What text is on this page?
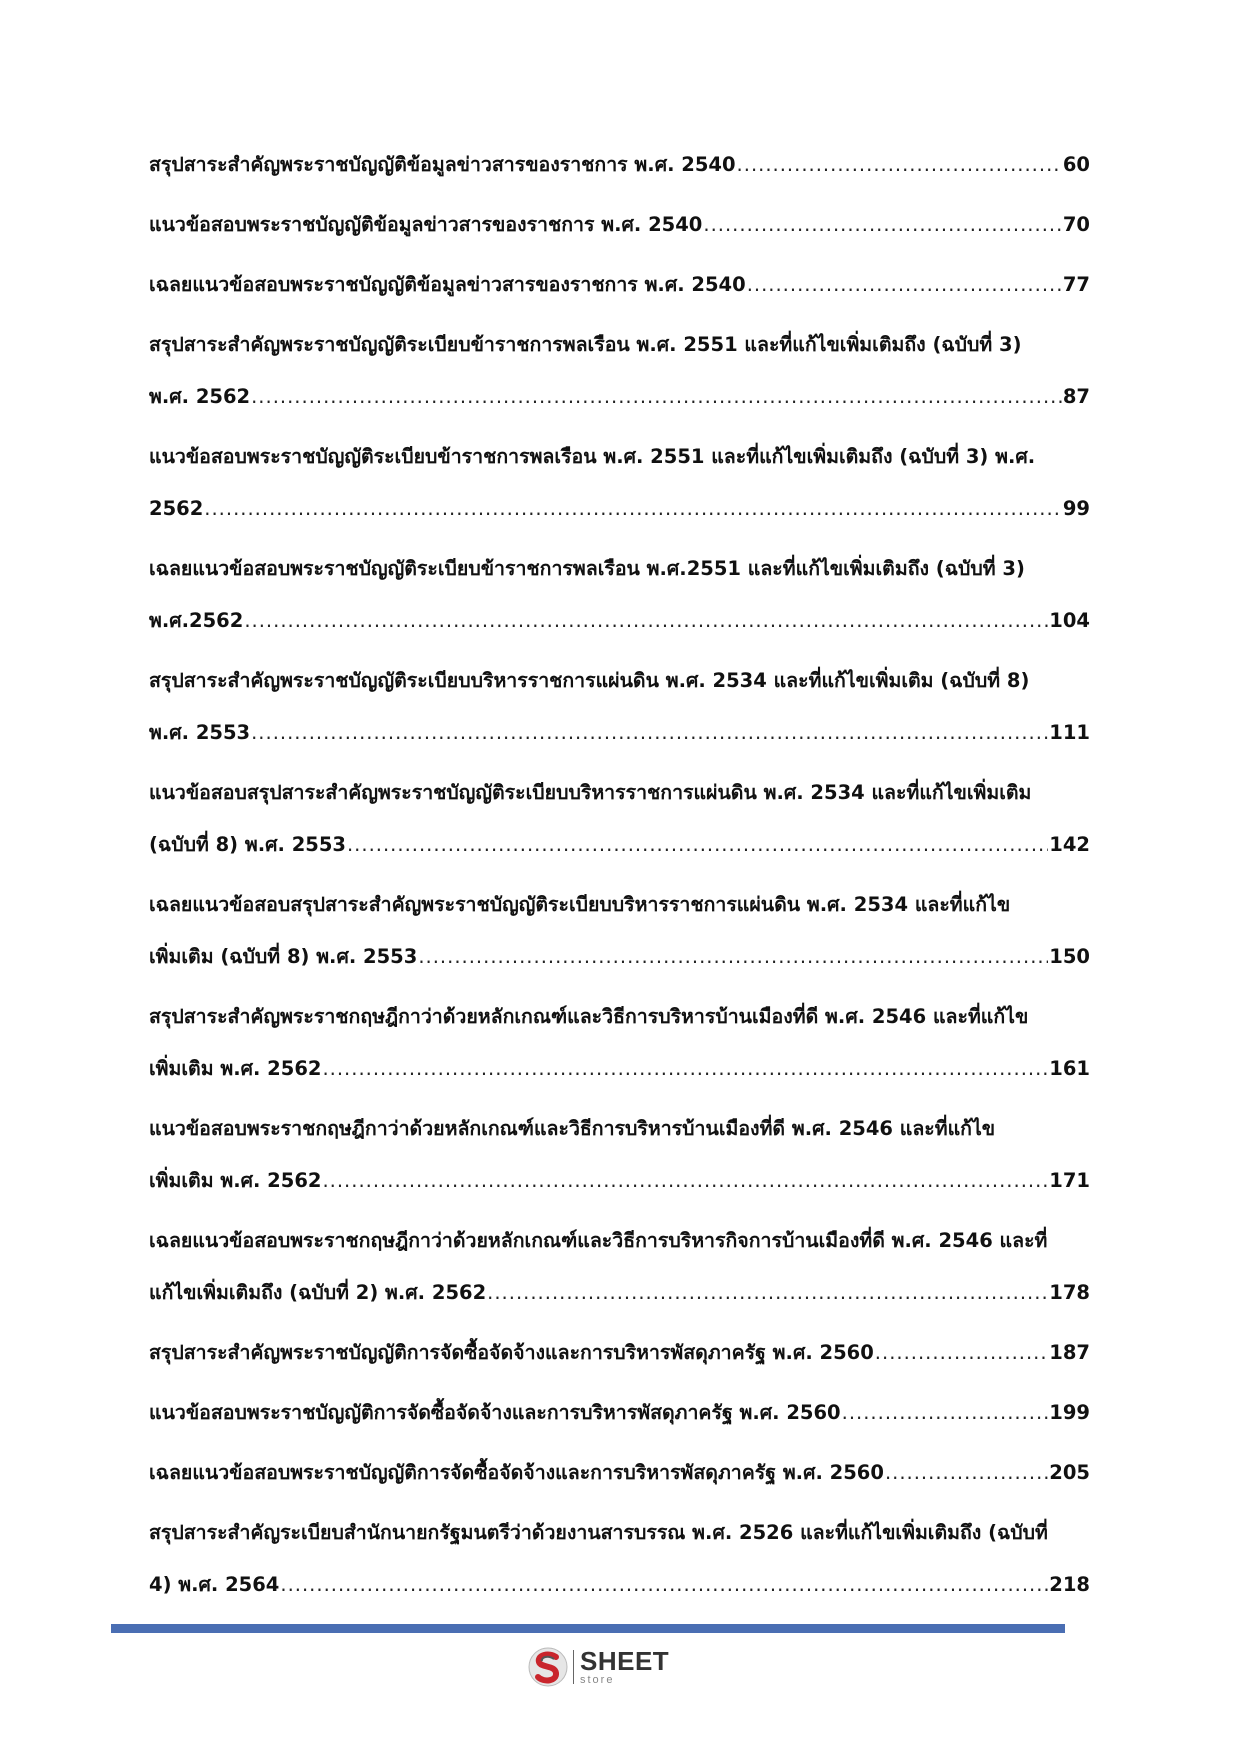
สรุปสาระสำคัญพระราชบัญญัติข้อมูลข่าวสารของราชการ พ.ศ. 2540 .....	60
แนวข้อสอบพระราชบัญญัติข้อมูลข่าวสารของราชการ พ.ศ. 2540 .....	70
เฉลยแนวข้อสอบพระราชบัญญัติข้อมูลข่าวสารของราชการ พ.ศ. 2540 .....	77
สรุปสาระสำคัญพระราชบัญญัติระเบียบข้าราชการพลเรือน พ.ศ. 2551 และที่แก้ไขเพิ่มเติมถึง (ฉบับที่ 3)
พ.ศ. 2562 .....	87
แนวข้อสอบพระราชบัญญัติระเบียบข้าราชการพลเรือน พ.ศ. 2551 และที่แก้ไขเพิ่มเติมถึง (ฉบับที่ 3) พ.ศ.
2562 .....	99
เฉลยแนวข้อสอบพระราชบัญญัติระเบียบข้าราชการพลเรือน พ.ศ.2551 และที่แก้ไขเพิ่มเติมถึง (ฉบับที่ 3)
พ.ศ.2562 .....	104
สรุปสาระสำคัญพระราชบัญญัติระเบียบบริหารราชการแผ่นดิน พ.ศ. 2534 และที่แก้ไขเพิ่มเติม (ฉบับที่ 8)
พ.ศ. 2553 .....	111
แนวข้อสอบสรุปสาระสำคัญพระราชบัญญัติระเบียบบริหารราชการแผ่นดิน พ.ศ. 2534 และที่แก้ไขเพิ่มเติม
(ฉบับที่ 8) พ.ศ. 2553 .....	142
เฉลยแนวข้อสอบสรุปสาระสำคัญพระราชบัญญัติระเบียบบริหารราชการแผ่นดิน พ.ศ. 2534 และที่แก้ไข
เพิ่มเติม (ฉบับที่ 8) พ.ศ. 2553 .....	150
สรุปสาระสำคัญพระราชกฤษฎีกาว่าด้วยหลักเกณฑ์และวิธีการบริหารบ้านเมืองที่ดี พ.ศ. 2546 และที่แก้ไข
เพิ่มเติม พ.ศ. 2562 .....	161
แนวข้อสอบพระราชกฤษฎีกาว่าด้วยหลักเกณฑ์และวิธีการบริหารบ้านเมืองที่ดี พ.ศ. 2546 และที่แก้ไข
เพิ่มเติม พ.ศ. 2562 .....	171
เฉลยแนวข้อสอบพระราชกฤษฎีกาว่าด้วยหลักเกณฑ์และวิธีการบริหารกิจการบ้านเมืองที่ดี พ.ศ. 2546 และที่
แก้ไขเพิ่มเติมถึง (ฉบับที่ 2) พ.ศ. 2562 .....	178
สรุปสาระสำคัญพระราชบัญญัติการจัดซื้อจัดจ้างและการบริหารพัสดุภาครัฐ พ.ศ. 2560 .....	187
แนวข้อสอบพระราชบัญญัติการจัดซื้อจัดจ้างและการบริหารพัสดุภาครัฐ พ.ศ. 2560 .....	199
เฉลยแนวข้อสอบพระราชบัญญัติการจัดซื้อจัดจ้างและการบริหารพัสดุภาครัฐ พ.ศ. 2560 .....	205
สรุปสาระสำคัญระเบียบสำนักนายกรัฐมนตรีว่าด้วยงานสารบรรณ พ.ศ. 2526 และที่แก้ไขเพิ่มเติมถึง (ฉบับที่
4) พ.ศ. 2564 .....	218
SHEET
store
